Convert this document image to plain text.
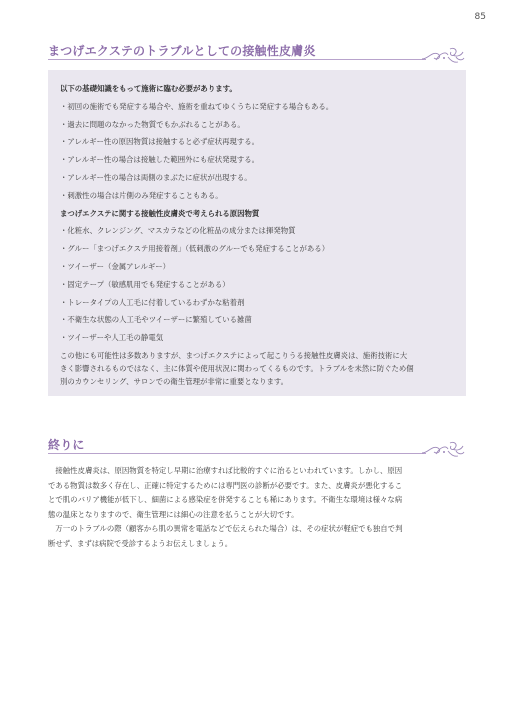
85
まつげエクステのトラブルとしての接触性皮膚炎
以下の基礎知識をもって施術に臨む必要があります。
・初回の施術でも発症する場合や、施術を重ねてゆくうちに発症する場合もある。
・過去に問題のなかった物質でもかぶれることがある。
・アレルギー性の原因物質は接触すると必ず症状再現する。
・アレルギー性の場合は接触した範囲外にも症状発現する。
・アレルギー性の場合は両側のまぶたに症状が出現する。
・刺激性の場合は片側のみ発症することもある。
まつげエクステに関する接触性皮膚炎で考えられる原因物質
・化粧水、クレンジング、マスカラなどの化粧品の成分または揮発物質
・グルー「まつげエクステ用接着剤」（低刺激のグルーでも発症することがある）
・ツイーザー（金属アレルギー）
・固定テープ（敏感肌用でも発症することがある）
・トレータイプの人工毛に付着しているわずかな粘着剤
・不衛生な状態の人工毛やツイーザーに繁殖している雑菌
・ツイーザーや人工毛の静電気
この他にも可能性は多数ありますが、まつげエクステによって起こりうる接触性皮膚炎は、施術技術に大
きく影響されるものではなく、主に体質や使用状況に関わってくるものです。トラブルを未然に防ぐため個
別のカウンセリング、サロンでの衛生管理が非常に重要となります。
終りに
　接触性皮膚炎は、原因物質を特定し早期に治療すれば比較的すぐに治るといわれています。しかし、原因
である物質は数多く存在し、正確に特定するためには専門医の診断が必要です。また、皮膚炎が悪化するこ
とで肌のバリア機能が低下し、細菌による感染症を併発することも稀にあります。不衛生な環境は様々な病
態の温床となりますので、衛生管理には細心の注意を払うことが大切です。
　万一のトラブルの際（顧客から肌の異常を電話などで伝えられた場合）は、その症状が軽症でも独自で判
断せず、まずは病院で受診するようお伝えしましょう。
